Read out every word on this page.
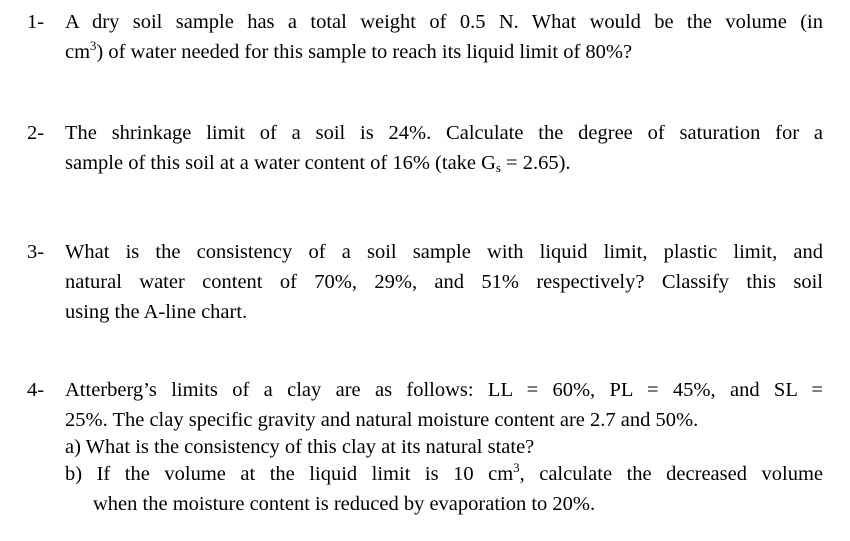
1- A dry soil sample has a total weight of 0.5 N. What would be the volume (in
$cm^3$) of water needed for this sample to reach its liquid limit of 80%?
2- The shrinkage limit of a soil is 24%. Calculate the degree of saturation for a
sample of this soil at a water content of 16% (take $G_s = 2.65$).
3- What is the consistency of a soil sample with liquid limit, plastic limit, and
natural water content of 70%, 29%, and 51% respectively? Classify this soil
using the A-line chart.
4- Atterberg’s limits of a clay are as follows: LL = 60%, PL = 45%, and SL =
25%. The clay specific gravity and natural moisture content are 2.7 and 50%.
a) What is the consistency of this clay at its natural state?
b) If the volume at the liquid limit is 10 $cm^3$, calculate the decreased volume
when the moisture content is reduced by evaporation to 20%.
